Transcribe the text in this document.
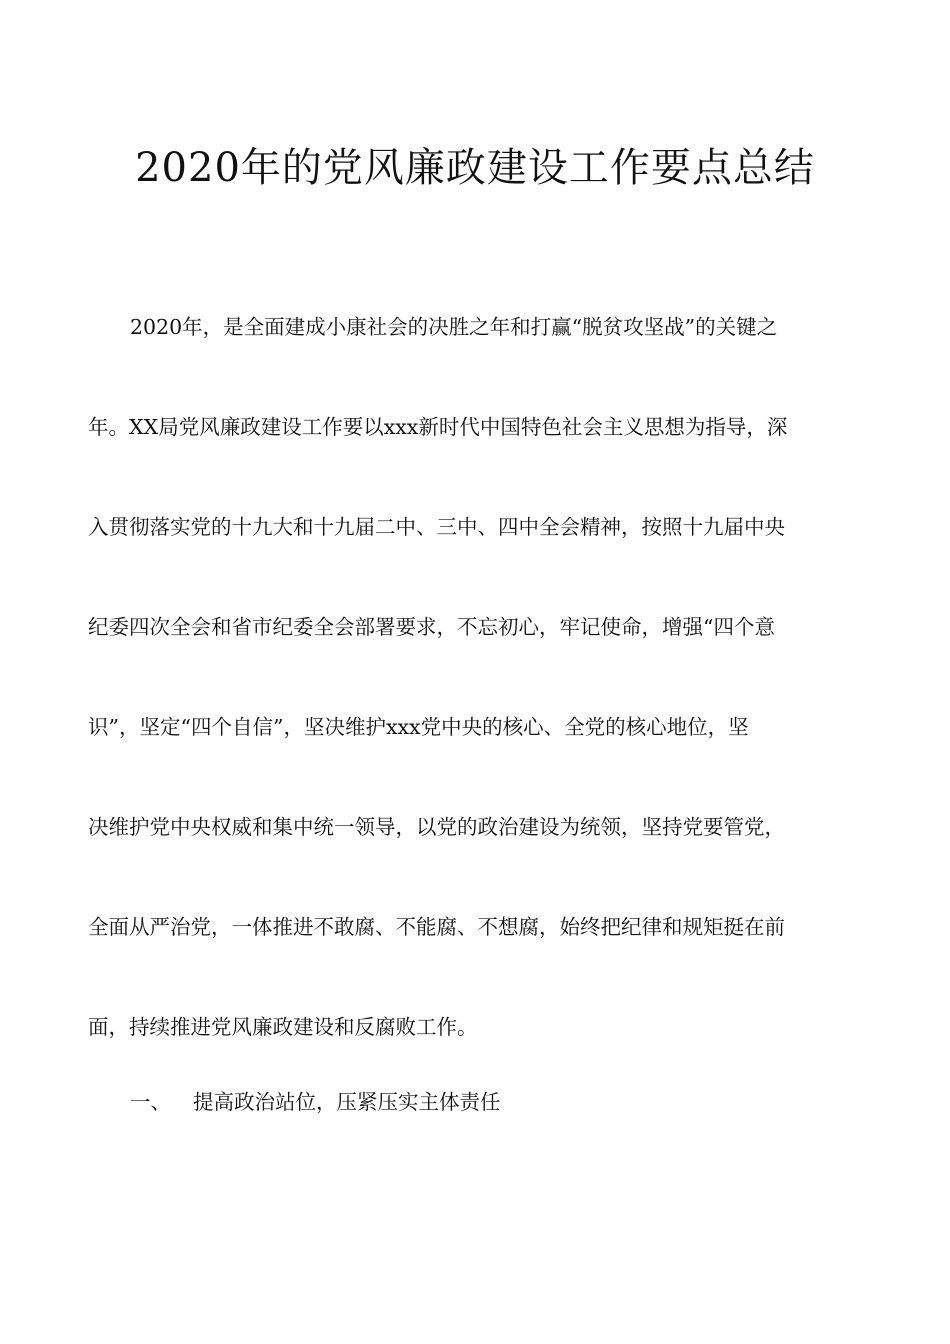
2020年的党风廉政建设工作要点总结

2020年，是全面建成小康社会的决胜之年和打赢“脱贫攻坚战”的关键之

年。XX局党风廉政建设工作要以xxx新时代中国特色社会主义思想为指导，深

入贯彻落实党的十九大和十九届二中、三中、四中全会精神，按照十九届中央

纪委四次全会和省市纪委全会部署要求，不忘初心，牢记使命，增强“四个意

识”，坚定“四个自信”，坚决维护xxx党中央的核心、全党的核心地位，坚

决维护党中央权威和集中统一领导，以党的政治建设为统领，坚持党要管党，

全面从严治党，一体推进不敢腐、不能腐、不想腐，始终把纪律和规矩挺在前

面，持续推进党风廉政建设和反腐败工作。

一、 提高政治站位，压紧压实主体责任
